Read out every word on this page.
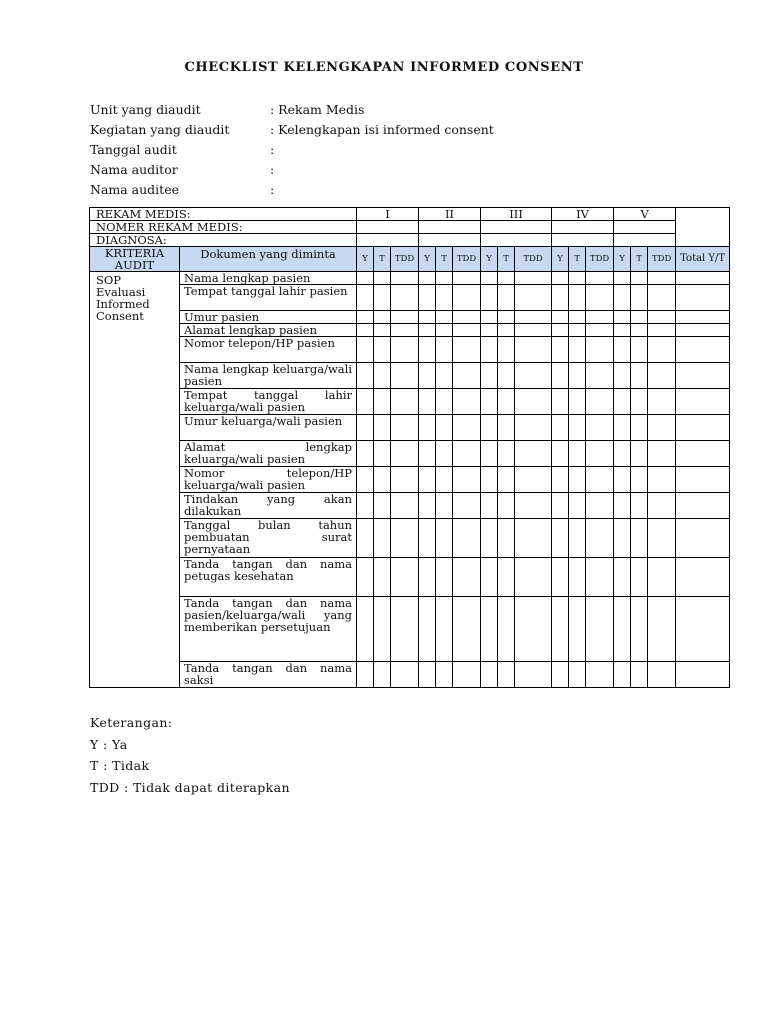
CHECKLIST KELENGKAPAN INFORMED CONSENT
Unit yang diaudit	: Rekam Medis
Kegiatan yang diaudit	: Kelengkapan isi informed consent
Tanggal audit	:
Nama auditor	:
Nama auditee	:
REKAM MEDIS:		I			II			III			IV			V			
NOMER REKAM MEDIS:																	
DIAGNOSA:																	
KRITERIA AUDIT	Dokumen yang diminta	Y	T	TDD	Y	T	TDD	Y	T	TDD	Y	T	TDD	Y	T	TDD	Total Y/T
SOP Evaluasi Informed Consent	Nama lengkap pasien																
	Tempat tanggal lahir pasien																
	Umur pasien																
	Alamat lengkap pasien																
	Nomor telepon/HP pasien																
	Nama lengkap keluarga/wali pasien																
	Tempat tanggal lahir keluarga/wali pasien																
	Umur keluarga/wali pasien																
	Alamat lengkap keluarga/wali pasien																
	Nomor telepon/HP keluarga/wali pasien																
	Tindakan yang akan dilakukan																
	Tanggal bulan tahun pembuatan surat pernyataan																
	Tanda tangan dan nama petugas kesehatan																
	Tanda tangan dan nama pasien/keluarga/wali yang memberikan persetujuan																
	Tanda tangan dan nama saksi																
Keterangan:
Y : Ya
T : Tidak
TDD : Tidak dapat diterapkan
